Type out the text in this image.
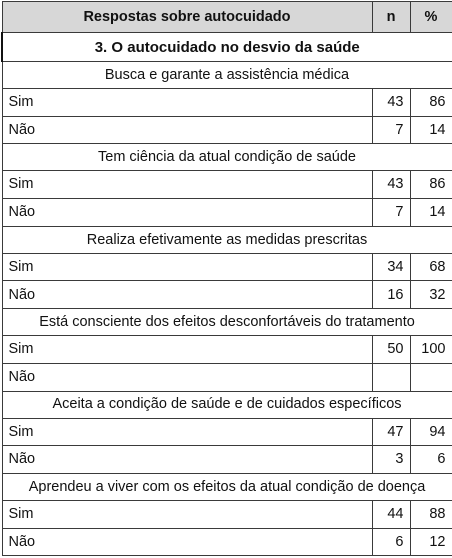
Respostas sobre autocuidado	n	%
3. O autocuidado no desvio da saúde		
Busca e garante a assistência médica		
Sim	43	86
Não	7	14
Tem ciência da atual condição de saúde		
Sim	43	86
Não	7	14
Realiza efetivamente as medidas prescritas		
Sim	34	68
Não	16	32
Está consciente dos efeitos desconfortáveis do tratamento		
Sim	50	100
Não		
Aceita a condição de saúde e de cuidados específicos		
Sim	47	94
Não	3	6
Aprendeu a viver com os efeitos da atual condição de doença		
Sim	44	88
Não	6	12
